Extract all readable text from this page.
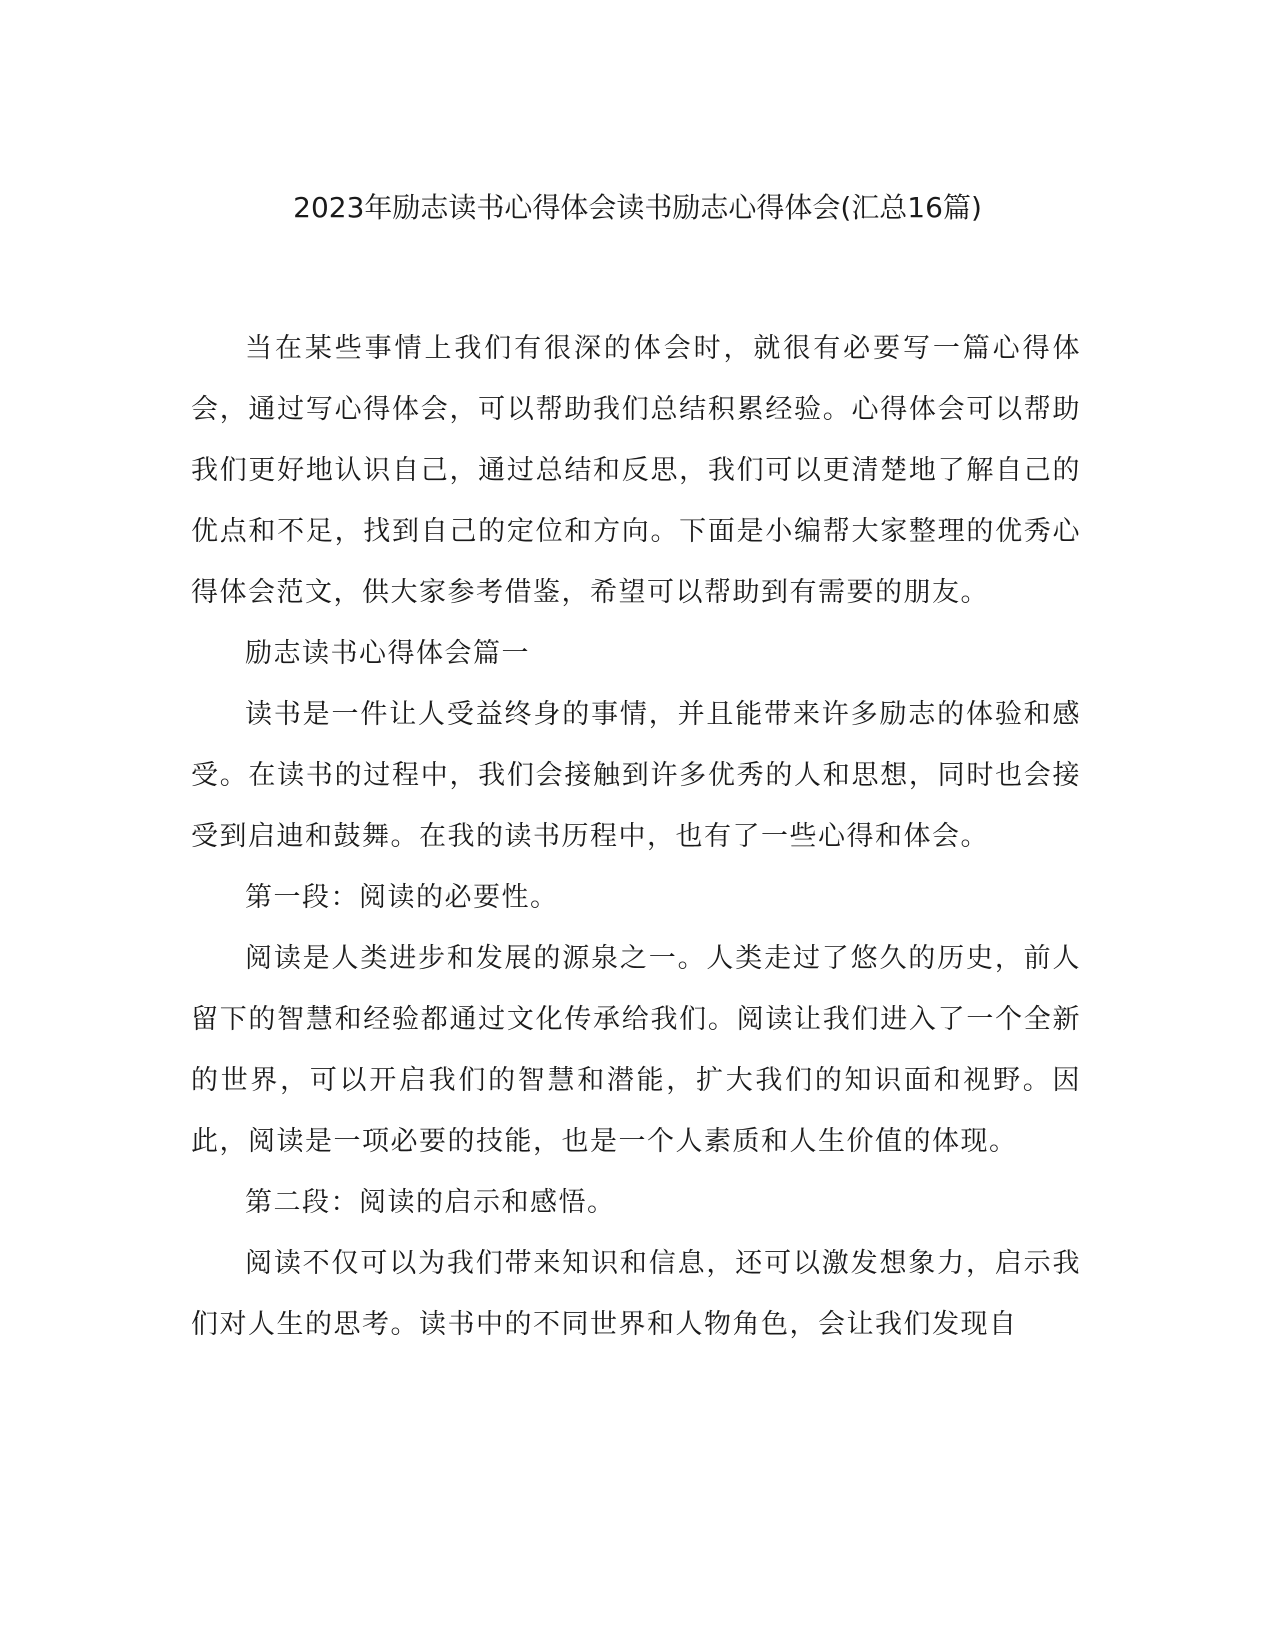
2023年励志读书心得体会读书励志心得体会(汇总16篇)

当在某些事情上我们有很深的体会时，就很有必要写一篇心得体会，通过写心得体会，可以帮助我们总结积累经验。心得体会可以帮助我们更好地认识自己，通过总结和反思，我们可以更清楚地了解自己的优点和不足，找到自己的定位和方向。下面是小编帮大家整理的优秀心得体会范文，供大家参考借鉴，希望可以帮助到有需要的朋友。

励志读书心得体会篇一

读书是一件让人受益终身的事情，并且能带来许多励志的体验和感受。在读书的过程中，我们会接触到许多优秀的人和思想，同时也会接受到启迪和鼓舞。在我的读书历程中，也有了一些心得和体会。

第一段：阅读的必要性。

阅读是人类进步和发展的源泉之一。人类走过了悠久的历史，前人留下的智慧和经验都通过文化传承给我们。阅读让我们进入了一个全新的世界，可以开启我们的智慧和潜能，扩大我们的知识面和视野。因此，阅读是一项必要的技能，也是一个人素质和人生价值的体现。

第二段：阅读的启示和感悟。

阅读不仅可以为我们带来知识和信息，还可以激发想象力，启示我们对人生的思考。读书中的不同世界和人物角色，会让我们发现自
